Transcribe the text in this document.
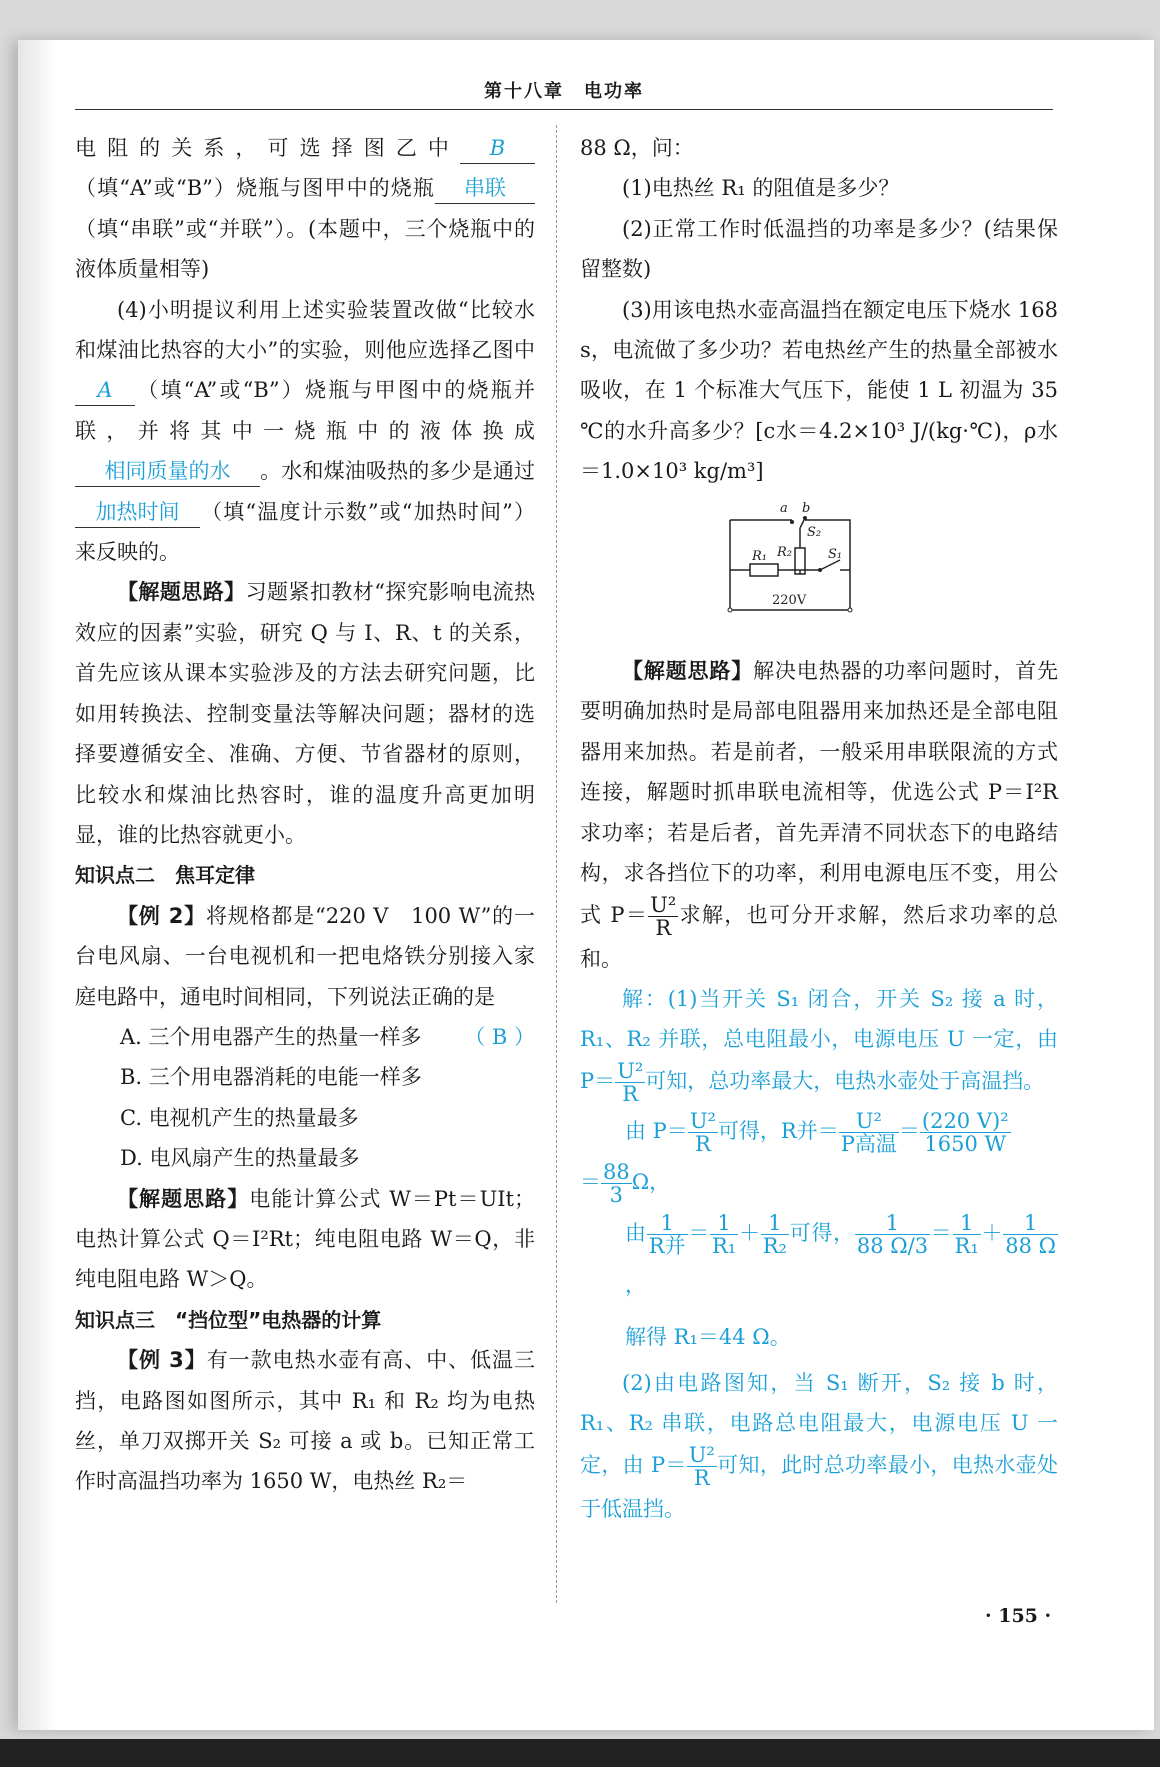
第十八章　电功率

电阻的关系，可选择图乙中 B（填“A”或“B”）烧瓶与图甲中的烧瓶 串联（填“串联”或“并联”）。(本题中，三个烧瓶中的液体质量相等)

(4)小明提议利用上述实验装置改做“比较水和煤油比热容的大小”的实验，则他应选择乙图中A （填“A”或“B”）烧瓶与甲图中的烧瓶并联，并将其中一烧瓶中的液体换成相同质量的水 。水和煤油吸热的多少是通过加热时间 （填“温度计示数”或“加热时间”）来反映的。

【解题思路】习题紧扣教材“探究影响电流热效应的因素”实验，研究 Q 与 I、R、t 的关系，首先应该从课本实验涉及的方法去研究问题，比如用转换法、控制变量法等解决问题；器材的选择要遵循安全、准确、方便、节省器材的原则，比较水和煤油比热容时，谁的温度升高更加明显，谁的比热容就更小。

知识点二　焦耳定律

【例 2】将规格都是“220 V　100 W”的一台电风扇、一台电视机和一把电烙铁分别接入家庭电路中，通电时间相同，下列说法正确的是
（ B ）

A. 三个用电器产生的热量一样多

B. 三个用电器消耗的电能一样多

C. 电视机产生的热量最多

D. 电风扇产生的热量最多

【解题思路】电能计算公式 W＝Pt＝UIt；电热计算公式 Q＝I²Rt；纯电阻电路 W＝Q，非纯电阻电路 W＞Q。

知识点三　“挡位型”电热器的计算

【例 3】有一款电热水壶有高、中、低温三挡，电路图如图所示，其中 R₁ 和 R₂ 均为电热丝，单刀双掷开关 S₂ 可接 a 或 b。已知正常工作时高温挡功率为 1650 W，电热丝 R₂＝

88 Ω，问：

(1)电热丝 R₁ 的阻值是多少？

(2)正常工作时低温挡的功率是多少？(结果保留整数)

(3)用该电热水壶高温挡在额定电压下烧水 168 s，电流做了多少功？若电热丝产生的热量全部被水吸收，在 1 个标准大气压下，能使 1 L 初温为 35 ℃的水升高多少？[c水＝4.2×10³ J/(kg·℃)，ρ水＝1.0×10³ kg/m³]

a b
S₂
R₂
R₁	S₁
220V

【解题思路】解决电热器的功率问题时，首先要明确加热时是局部电阻器用来加热还是全部电阻器用来加热。若是前者，一般采用串联限流的方式连接，解题时抓串联电流相等，优选公式 P＝I²R 求功率；若是后者，首先弄清不同状态下的电路结构，求各挡位下的功率，利用电源电压不变，用公式 $P= \frac{\text{U²}}{R}$ 求解，也可分开求解，然后求功率的总和。

解：(1)当开关 S₁ 闭合，开关 S₂ 接 a 时，R₁、R₂ 并联，总电阻最小，电源电压 U 一定，由 $P= \frac{\text{U²}}{R}$ 可知，总功率最大，电热水壶处于高温挡。

由 $P= \frac{\text{U²}}{R}$ 可得，R并＝ $\frac{\text{U²}}{\text{P高温}} = \frac{\text{(220 V)²}}{1650 W}$

＝ $\frac{88}{3}$ Ω，

由 $\frac{1}{\text{R并}} = \frac{1}{\text{R₁}} + \frac{1}{\text{R₂}}$ 可得， $\frac{1}{88 \Omega/3} = \frac{1}{\text{R₁}} + \frac{1}{88 \Omega}$
，

解得 R₁＝44 Ω。

(2)由电路图知，当 S₁ 断开，S₂ 接 b 时，R₁、R₂ 串联，电路总电阻最大，电源电压 U 一定，由 $P= \frac{\text{U²}}{R}$ 可知，此时总功率最小，电热水壶处于低温挡。

· 155 ·
